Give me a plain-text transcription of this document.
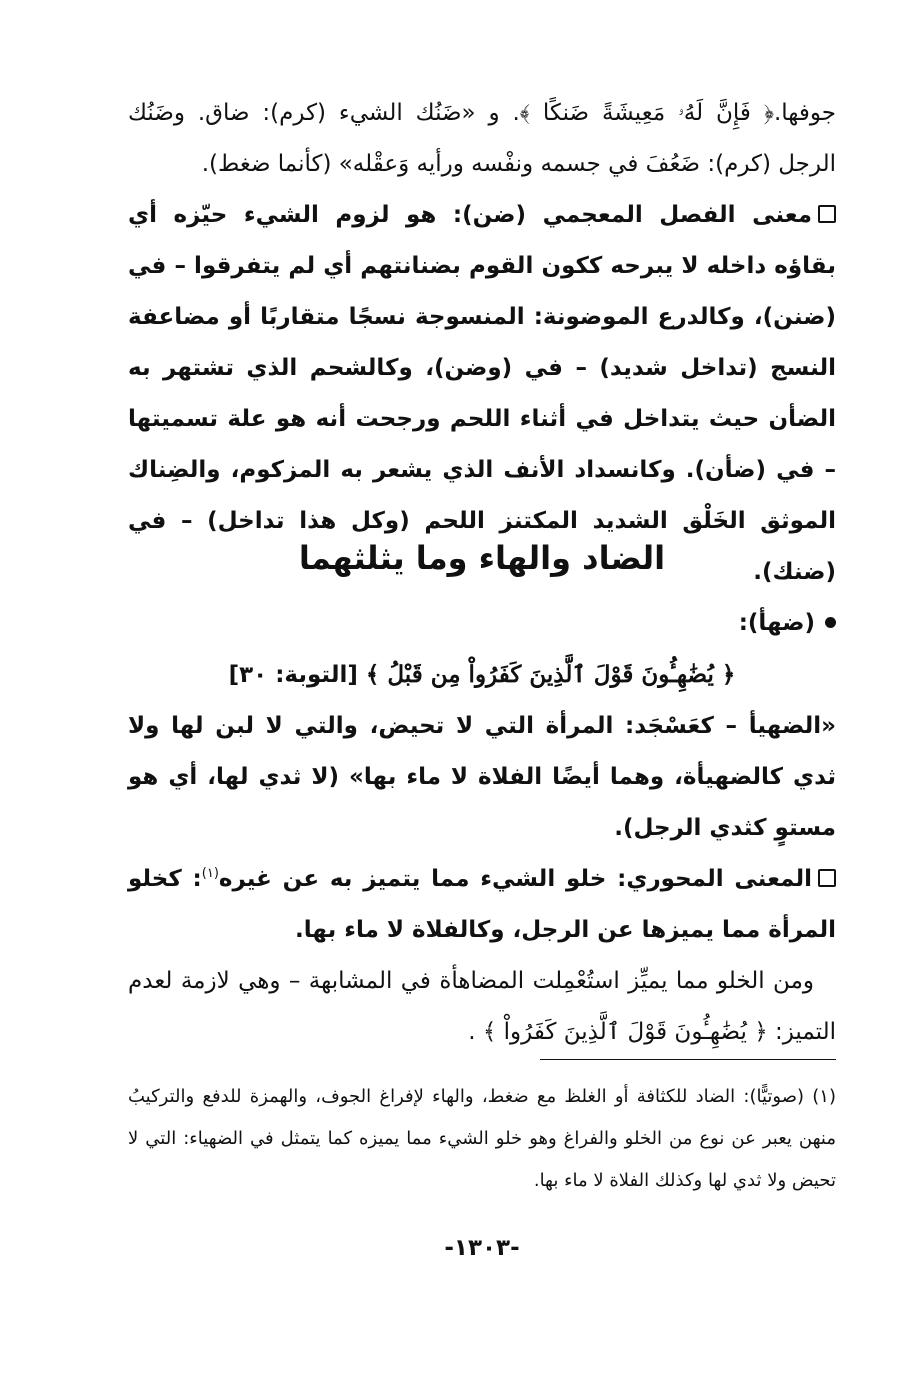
جوفها.﴿ فَإِنَّ لَهُۥ مَعِيشَةً ضَنكًا ﴾. و «ضَنُك الشيء (كرم): ضاق. وضَنُك الرجل (كرم): ضَعُفَ في جسمه ونفْسه ورأيه وَعقْله» (كأنما ضغط).

معنى الفصل المعجمي (ضن): هو لزوم الشيء حيّزه أي بقاؤه داخله لا يبرحه ككون القوم بضنانتهم أي لم يتفرقوا – في (ضنن)، وكالدرع الموضونة: المنسوجة نسجًا متقاربًا أو مضاعفة النسج (تداخل شديد) – في (وضن)، وكالشحم الذي تشتهر به الضأن حيث يتداخل في أثناء اللحم ورجحت أنه هو علة تسميتها – في (ضأن). وكانسداد الأنف الذي يشعر به المزكوم، والضِناك الموثق الخَلْق الشديد المكتنز اللحم (وكل هذا تداخل) – في (ضنك).

الضاد والهاء وما يثلثهما

(ضهأ):

﴿ يُضَٰهِـُٔونَ قَوْلَ ٱلَّذِينَ كَفَرُواْ مِن قَبْلُ ﴾ [التوبة: ٣٠]

«الضهيأ – كعَسْجَد: المرأة التي لا تحيض، والتي لا لبن لها ولا ثدي كالضهيأة، وهما أيضًا الفلاة لا ماء بها» (لا ثدي لها، أي هو مستوٍ كثدي الرجل).

المعنى المحوري: خلو الشيء مما يتميز به عن غيره$^{(١)}$: كخلو المرأة مما يميزها عن الرجل، وكالفلاة لا ماء بها.

ومن الخلو مما يميِّز استُعْمِلت المضاهأة في المشابهة – وهي لازمة لعدم التميز: ﴿ يُضَٰهِـُٔونَ قَوْلَ ٱلَّذِينَ كَفَرُواْ ﴾ .

(١) (صوتيًّا): الضاد للكثافة أو الغلظ مع ضغط، والهاء لإفراغ الجوف، والهمزة للدفع والتركيبُ منهن يعبر عن نوع من الخلو والفراغ وهو خلو الشيء مما يميزه كما يتمثل في الضهياء: التي لا تحيض ولا ثدي لها وكذلك الفلاة لا ماء بها.
-١٣٠٣-
